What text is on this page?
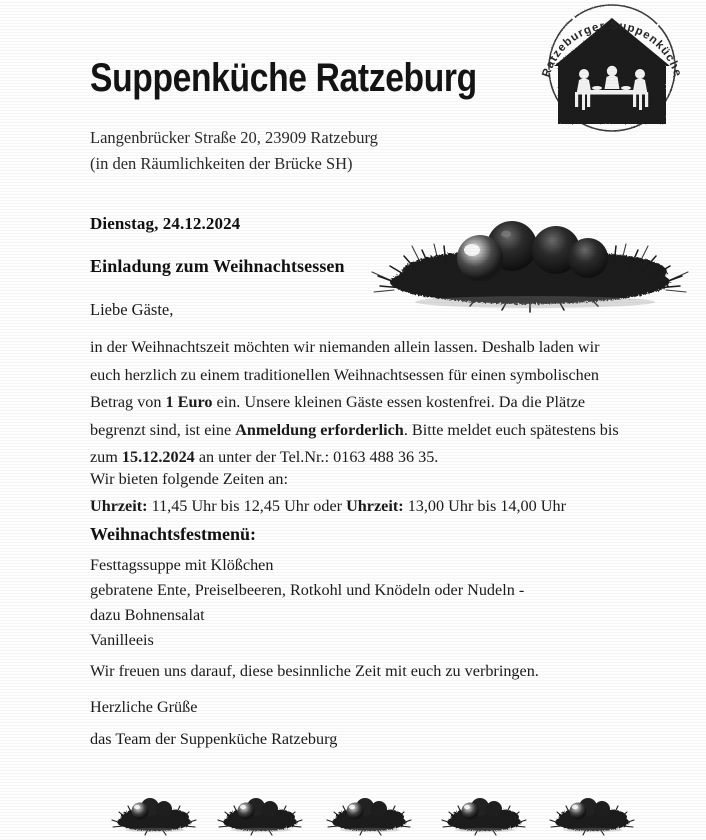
Ratzeburger Suppenküche
Suppenküche Ratzeburg
Langenbrücker Straße 20, 23909 Ratzeburg
(in den Räumlichkeiten der Brücke SH)
Dienstag, 24.12.2024
Einladung zum Weihnachtsessen
Liebe Gäste,
in der Weihnachtszeit möchten wir niemanden allein lassen. Deshalb laden wir euch herzlich zu einem traditionellen Weihnachtsessen für einen symbolischen Betrag von 1 Euro ein. Unsere kleinen Gäste essen kostenfrei. Da die Plätze begrenzt sind, ist eine Anmeldung erforderlich. Bitte meldet euch spätestens bis zum 15.12.2024 an unter der Tel.Nr.: 0163 488 36 35.
Wir bieten folgende Zeiten an:
Uhrzeit: 11,45 Uhr bis 12,45 Uhr oder Uhrzeit: 13,00 Uhr bis 14,00 Uhr
Weihnachtsfestmenü:
Festtagssuppe mit Klößchen
gebratene Ente, Preiselbeeren, Rotkohl und Knödeln oder Nudeln -
dazu Bohnensalat
Vanilleeis
Wir freuen uns darauf, diese besinnliche Zeit mit euch zu verbringen.
Herzliche Grüße
das Team der Suppenküche Ratzeburg
